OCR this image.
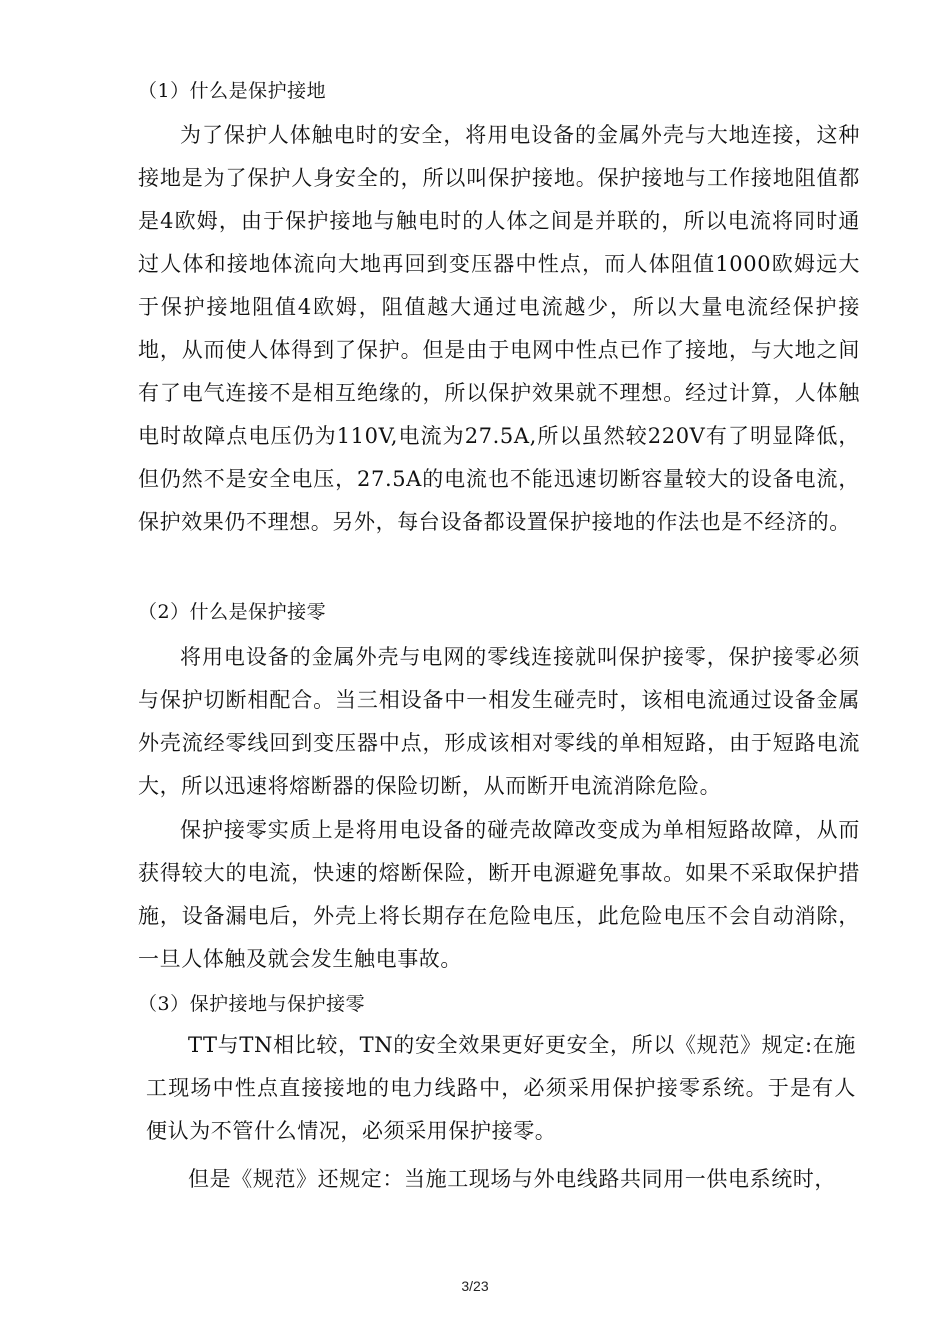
（1）什么是保护接地

为了保护人体触电时的安全，将用电设备的金属外壳与大地连接，这种接地是为了保护人身安全的，所以叫保护接地。保护接地与工作接地阻值都是4欧姆，由于保护接地与触电时的人体之间是并联的，所以电流将同时通过人体和接地体流向大地再回到变压器中性点，而人体阻值1000欧姆远大于保护接地阻值4欧姆，阻值越大通过电流越少，所以大量电流经保护接地，从而使人体得到了保护。但是由于电网中性点已作了接地，与大地之间有了电气连接不是相互绝缘的，所以保护效果就不理想。经过计算，人体触电时故障点电压仍为110V,电流为27.5A,所以虽然较220V有了明显降低，但仍然不是安全电压，27.5A的电流也不能迅速切断容量较大的设备电流，保护效果仍不理想。另外，每台设备都设置保护接地的作法也是不经济的。

（2）什么是保护接零

将用电设备的金属外壳与电网的零线连接就叫保护接零，保护接零必须与保护切断相配合。当三相设备中一相发生碰壳时，该相电流通过设备金属外壳流经零线回到变压器中点，形成该相对零线的单相短路，由于短路电流大，所以迅速将熔断器的保险切断，从而断开电流消除危险。

保护接零实质上是将用电设备的碰壳故障改变成为单相短路故障，从而获得较大的电流，快速的熔断保险，断开电源避免事故。如果不采取保护措施，设备漏电后，外壳上将长期存在危险电压，此危险电压不会自动消除，一旦人体触及就会发生触电事故。

（3）保护接地与保护接零

TT与TN相比较，TN的安全效果更好更安全，所以《规范》规定:在施工现场中性点直接接地的电力线路中，必须采用保护接零系统。于是有人便认为不管什么情况，必须采用保护接零。

但是《规范》还规定：当施工现场与外电线路共同用一供电系统时，

3/23
